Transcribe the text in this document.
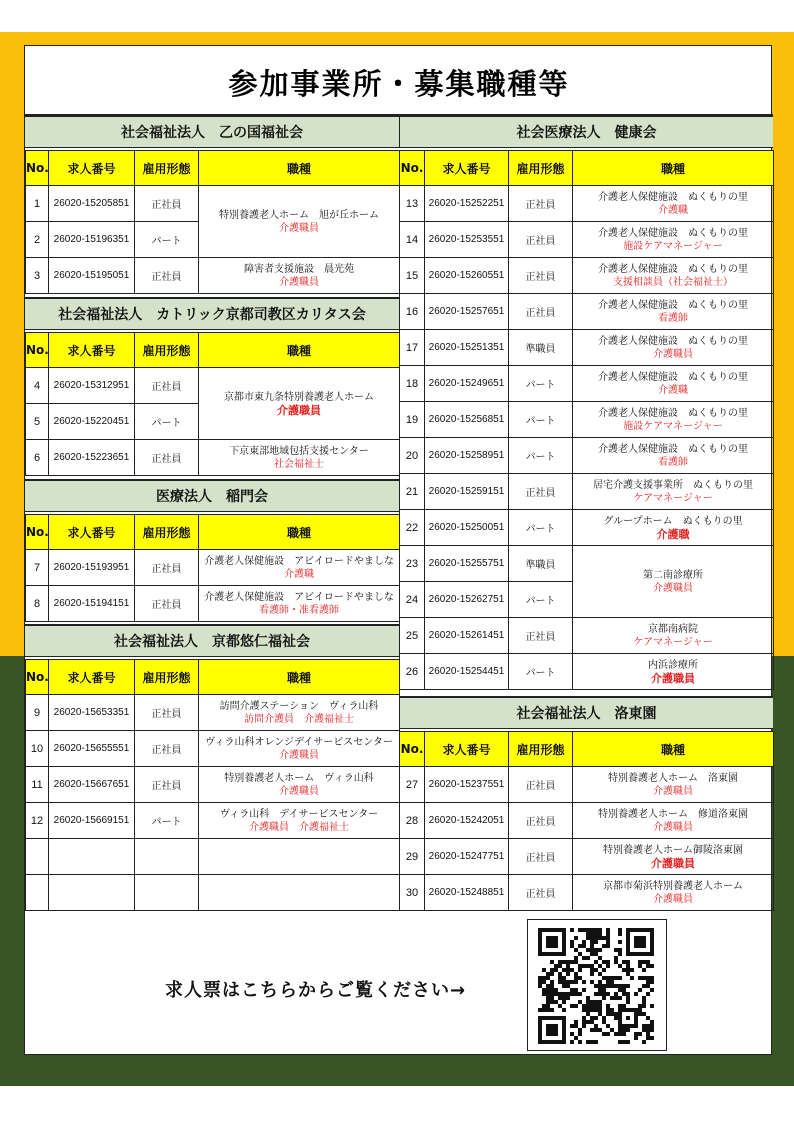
参加事業所・募集職種等
社会福祉法人　乙の国福祉会
No.	求人番号	雇用形態	職種
1	26020-15205851	正社員	特別養護老人ホーム　旭が丘ホーム
介護職員

2	26020-15196351	パート	
3	26020-15195051	正社員	障害者支援施設　晨光苑
介護職員
社会福祉法人　カトリック京都司教区カリタス会
No.	求人番号	雇用形態	職種
4	26020-15312951	正社員	京都市東九条特別養護老人ホーム
介護職員

5	26020-15220451	パート	
6	26020-15223651	正社員	下京東部地域包括支援センター
社会福祉士
医療法人　稲門会
No.	求人番号	雇用形態	職種
7	26020-15193951	正社員	介護老人保健施設　アビイロードやましな
介護職

8	26020-15194151	正社員	介護老人保健施設　アビイロードやましな
看護師・准看護師
社会福祉法人　京都悠仁福祉会
No.	求人番号	雇用形態	職種
9	26020-15653351	正社員	訪問介護ステーション　ヴィラ山科
訪問介護員　介護福祉士

10	26020-15655551	正社員	ヴィラ山科オレンジデイサービスセンター
介護職員

11	26020-15667651	正社員	特別養護老人ホーム　ヴィラ山科
介護職員

12	26020-15669151	パート	ヴィラ山科　デイサービスセンター
介護職員　介護福祉士

社会医療法人　健康会
No.	求人番号	雇用形態	職種
13	26020-15252251	正社員	介護老人保健施設　ぬくもりの里
介護職

14	26020-15253551	正社員	介護老人保健施設　ぬくもりの里
施設ケアマネージャー

15	26020-15260551	正社員	介護老人保健施設　ぬくもりの里
支援相談員（社会福祉士）

16	26020-15257651	正社員	介護老人保健施設　ぬくもりの里
看護師

17	26020-15251351	準職員	介護老人保健施設　ぬくもりの里
介護職員

18	26020-15249651	パート	介護老人保健施設　ぬくもりの里
介護職

19	26020-15256851	パート	介護老人保健施設　ぬくもりの里
施設ケアマネージャー

20	26020-15258951	パート	介護老人保健施設　ぬくもりの里
看護師

21	26020-15259151	正社員	居宅介護支援事業所　ぬくもりの里
ケアマネージャー

22	26020-15250051	パート	グループホーム　ぬくもりの里
介護職

23	26020-15255751	準職員	第二南診療所
介護職員

24	26020-15262751	パート	
25	26020-15261451	正社員	京都南病院
ケアマネージャー

26	26020-15254451	パート	内浜診療所
介護職員
社会福祉法人　洛東園
No.	求人番号	雇用形態	職種
27	26020-15237551	正社員	特別養護老人ホーム　洛東園
介護職員

28	26020-15242051	正社員	特別養護老人ホーム　修道洛東園
介護職員

29	26020-15247751	正社員	特別養護老人ホーム御陵洛東園
介護職員

30	26020-15248851	正社員	京都市菊浜特別養護老人ホーム
介護職員
求人票はこちらからご覧ください→
